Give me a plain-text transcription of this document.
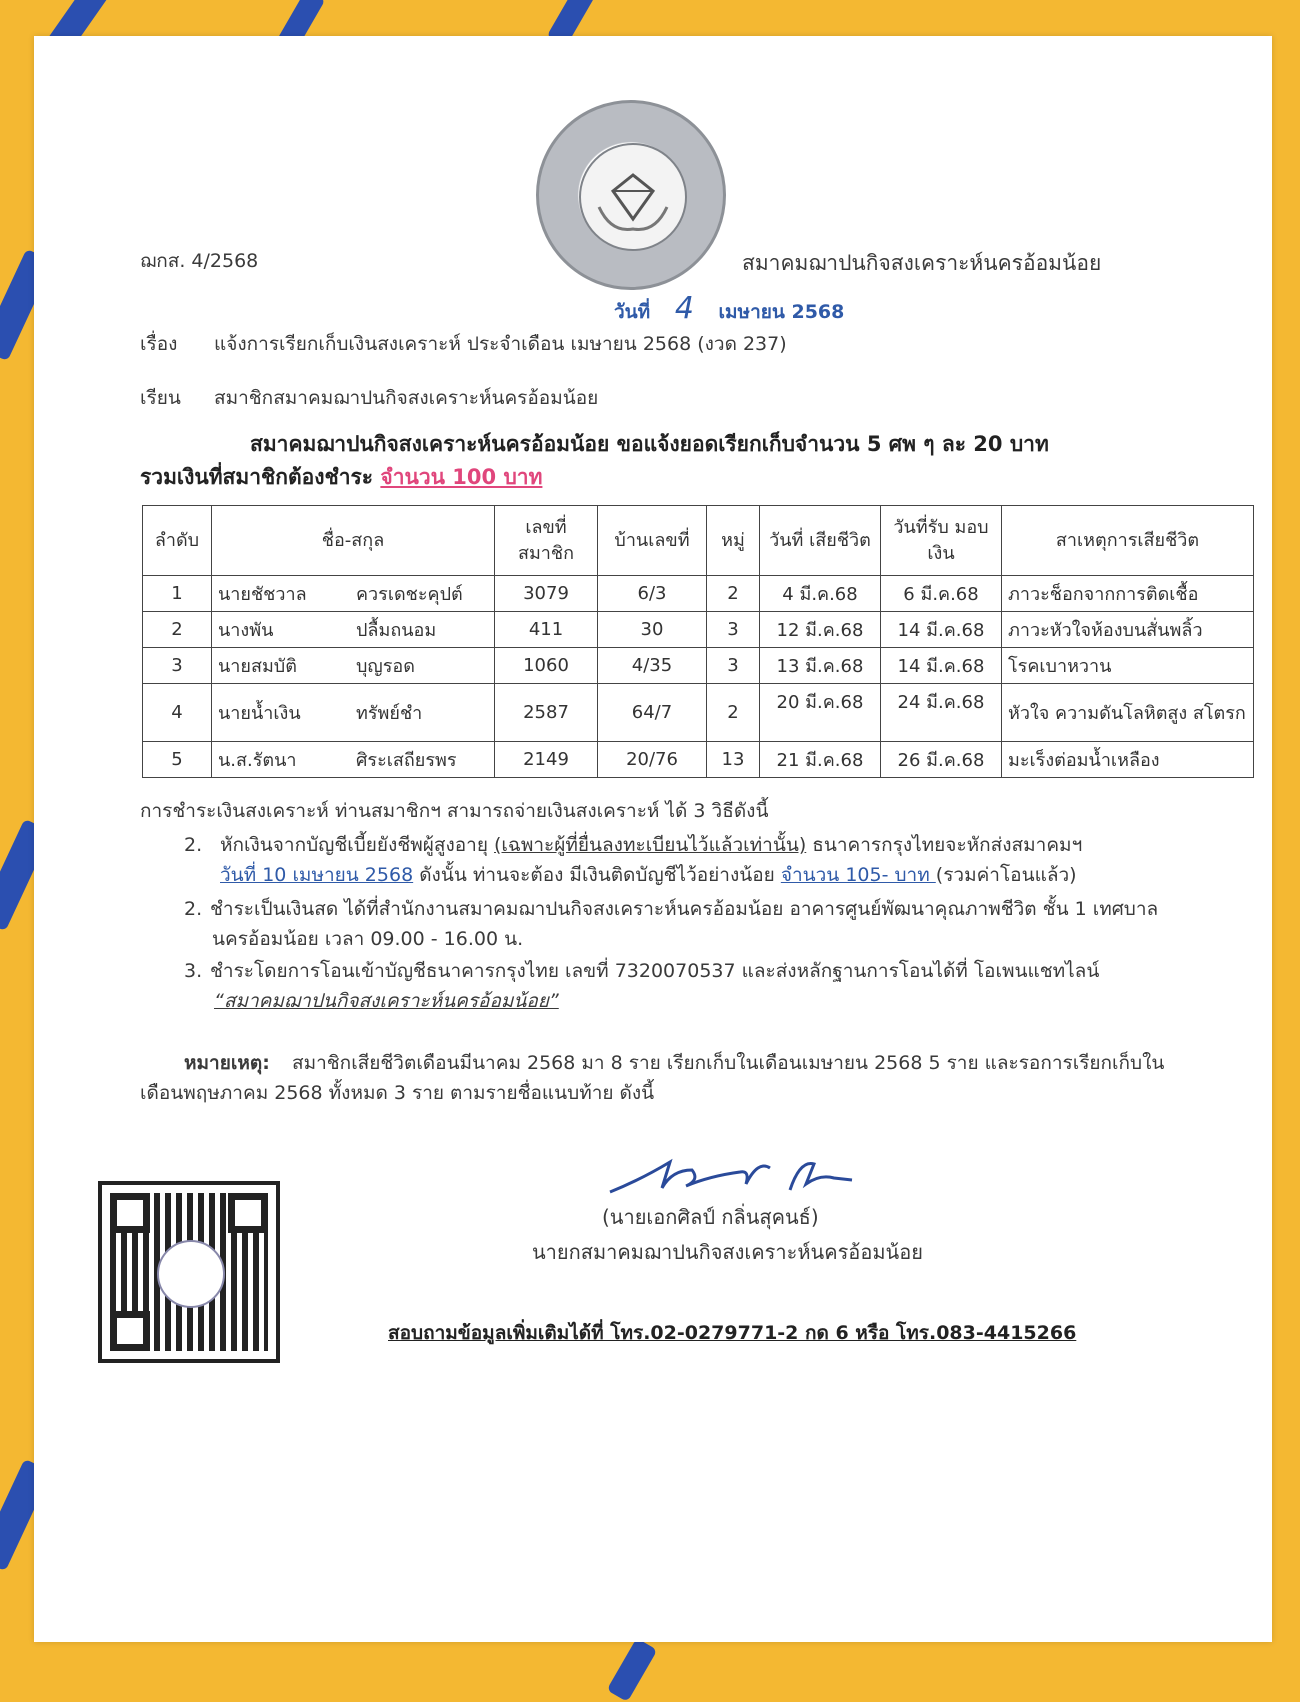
ฌกส. 4/2568	สมาคมฌาปนกิจสงเคราะห์นครอ้อมน้อย
วันที่ 4 เมษายน 2568
เรื่อง แจ้งการเรียกเก็บเงินสงเคราะห์ ประจำเดือน เมษายน 2568 (งวด 237)
เรียน สมาชิกสมาคมฌาปนกิจสงเคราะห์นครอ้อมน้อย
สมาคมฌาปนกิจสงเคราะห์นครอ้อมน้อย ขอแจ้งยอดเรียกเก็บจำนวน 5 ศพ ๆ ละ 20 บาท
รวมเงินที่สมาชิกต้องชำระ จำนวน 100 บาท
ลำดับ	ชื่อ-สกุล	เลขที่ สมาชิก	บ้านเลขที่	หมู่	วันที่ เสียชีวิต	วันที่รับ มอบเงิน	สาเหตุการเสียชีวิต
1	นายชัชวาล ควรเดชะคุปต์	3079	6/3	2	4 มี.ค.68	6 มี.ค.68	ภาวะช็อกจากการติดเชื้อ
2	นางพัน ปลื้มถนอม	411	30	3	12 มี.ค.68	14 มี.ค.68	ภาวะหัวใจห้องบนสั่นพลิ้ว
3	นายสมบัติ บุญรอด	1060	4/35	3	13 มี.ค.68	14 มี.ค.68	โรคเบาหวาน
4	นายน้ำเงิน ทรัพย์ชำ	2587	64/7	2	20 มี.ค.68	24 มี.ค.68	หัวใจ ความดันโลหิตสูง สโตรก
5	น.ส.รัตนา ศิระเสถียรพร	2149	20/76	13	21 มี.ค.68	26 มี.ค.68	มะเร็งต่อมน้ำเหลือง
การชำระเงินสงเคราะห์ ท่านสมาชิกฯ สามารถจ่ายเงินสงเคราะห์ ได้ 3 วิธีดังนี้
2. หักเงินจากบัญชีเบี้ยยังชีพผู้สูงอายุ (เฉพาะผู้ที่ยื่นลงทะเบียนไว้แล้วเท่านั้น) ธนาคารกรุงไทยจะหักส่งสมาคมฯ
วันที่ 10 เมษายน 2568 ดังนั้น ท่านจะต้อง มีเงินติดบัญชีไว้อย่างน้อย จำนวน 105- บาท (รวมค่าโอนแล้ว)
2. ชำระเป็นเงินสด ได้ที่สำนักงานสมาคมฌาปนกิจสงเคราะห์นครอ้อมน้อย อาคารศูนย์พัฒนาคุณภาพชีวิต ชั้น 1 เทศบาล
นครอ้อมน้อย เวลา 09.00 - 16.00 น.
3. ชำระโดยการโอนเข้าบัญชีธนาคารกรุงไทย เลขที่ 7320070537 และส่งหลักฐานการโอนได้ที่ โอเพนแชทไลน์
“สมาคมฌาปนกิจสงเคราะห์นครอ้อมน้อย”
หมายเหตุ: สมาชิกเสียชีวิตเดือนมีนาคม 2568 มา 8 ราย เรียกเก็บในเดือนเมษายน 2568 5 ราย และรอการเรียกเก็บใน
เดือนพฤษภาคม 2568 ทั้งหมด 3 ราย ตามรายชื่อแนบท้าย ดังนี้
(นายเอกศิลป์ กลิ่นสุคนธ์)
นายกสมาคมฌาปนกิจสงเคราะห์นครอ้อมน้อย
สอบถามข้อมูลเพิ่มเติมได้ที่ โทร.02-0279771-2 กด 6 หรือ โทร.083-4415266
